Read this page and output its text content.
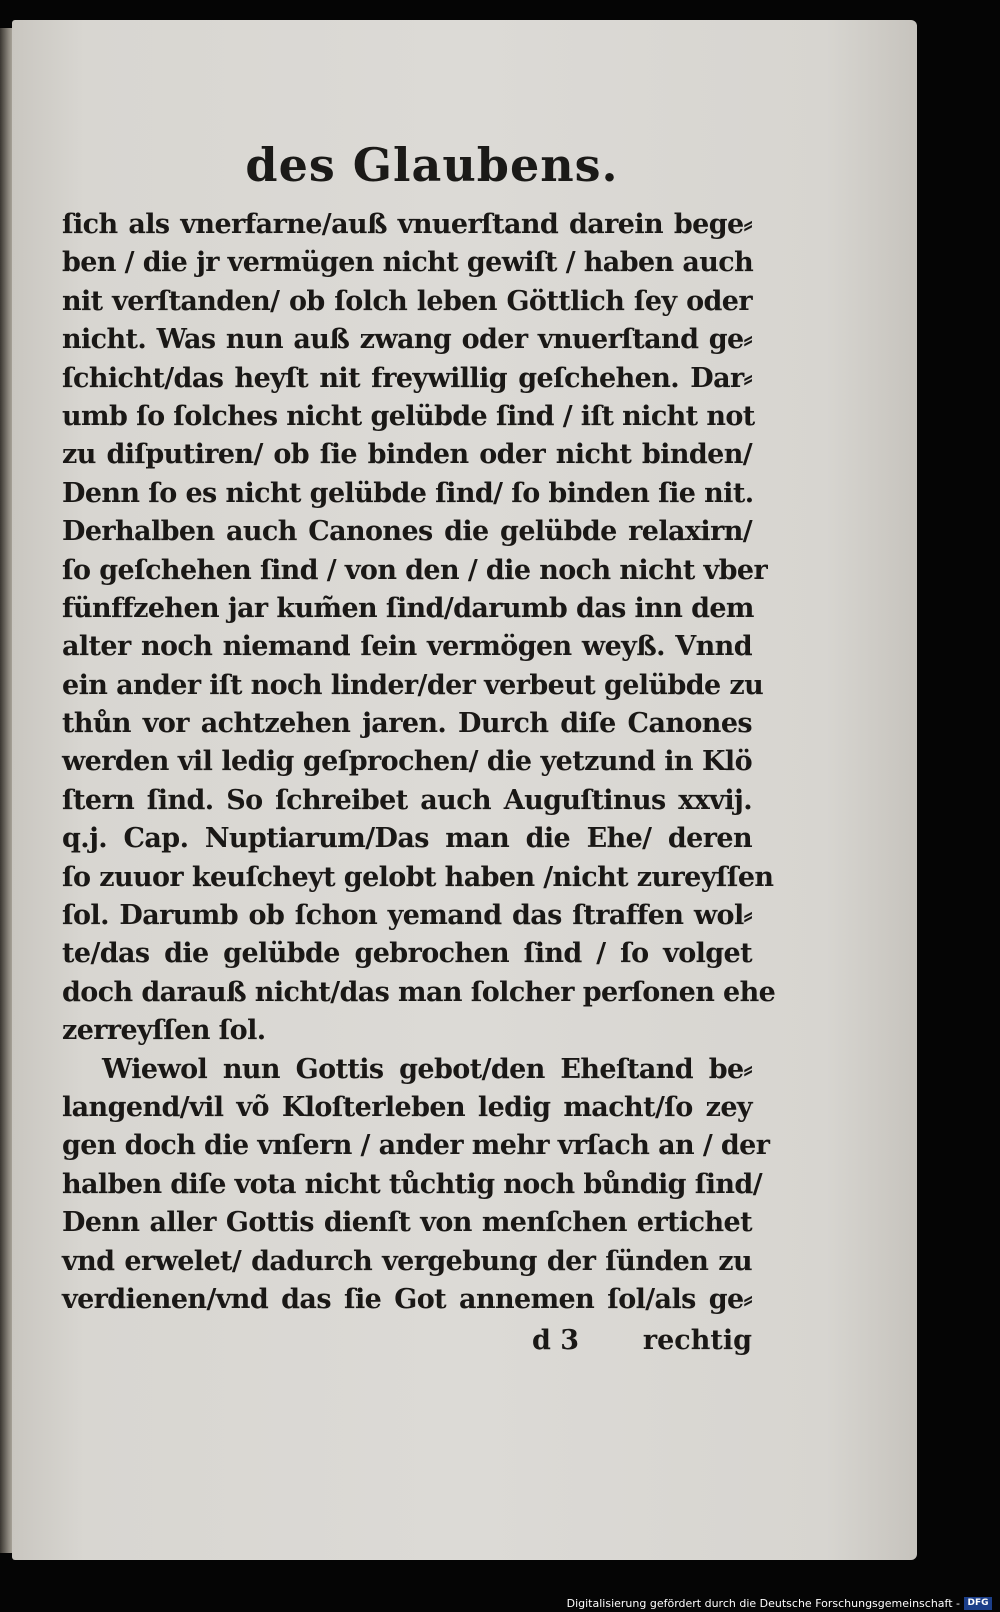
des Glaubens.
ſich als vnerfarne/auß vnuerſtand darein bege⸗
ben / die jr vermügen nicht gewiſt / haben auch
nit verſtanden/ ob ſolch leben Göttlich ſey oder
nicht. Was nun auß zwang oder vnuerſtand ge⸗
ſchicht/das heyſt nit freywillig geſchehen. Dar⸗
umb ſo ſolches nicht gelübde ſind / iſt nicht not
zu diſputiren/ ob ſie binden oder nicht binden/
Denn ſo es nicht gelübde ſind/ ſo binden ſie nit.
Derhalben auch Canones die gelübde relaxirn/
ſo geſchehen ſind / von den / die noch nicht vber
fünffzehen jar kum̃en ſind/darumb das inn dem
alter noch niemand ſein vermögen weyß. Vnnd
ein ander iſt noch linder/der verbeut gelübde zu
thůn vor achtzehen jaren. Durch diſe Canones
werden vil ledig geſprochen/ die yetzund in Klö
ſtern ſind. So ſchreibet auch Auguſtinus xxvij.
q.j. Cap. Nuptiarum/Das man die Ehe/ deren
ſo zuuor keuſcheyt gelobt haben /nicht zureyſſen
ſol. Darumb ob ſchon yemand das ſtraffen wol⸗
te/das die gelübde gebrochen ſind / ſo volget
doch darauß nicht/das man ſolcher perſonen ehe
zerreyſſen ſol.
Wiewol nun Gottis gebot/den Eheſtand be⸗
langend/vil võ Kloſterleben ledig macht/ſo zey
gen doch die vnſern / ander mehr vrſach an / der
halben diſe vota nicht tůchtig noch bůndig ſind/
Denn aller Gottis dienſt von menſchen ertichet
vnd erwelet/ dadurch vergebung der ſünden zu
verdienen/vnd das ſie Got annemen ſol/als ge⸗
d 3 rechtig
Digitalisierung gefördert durch die Deutsche Forschungsgemeinschaft - DFG
